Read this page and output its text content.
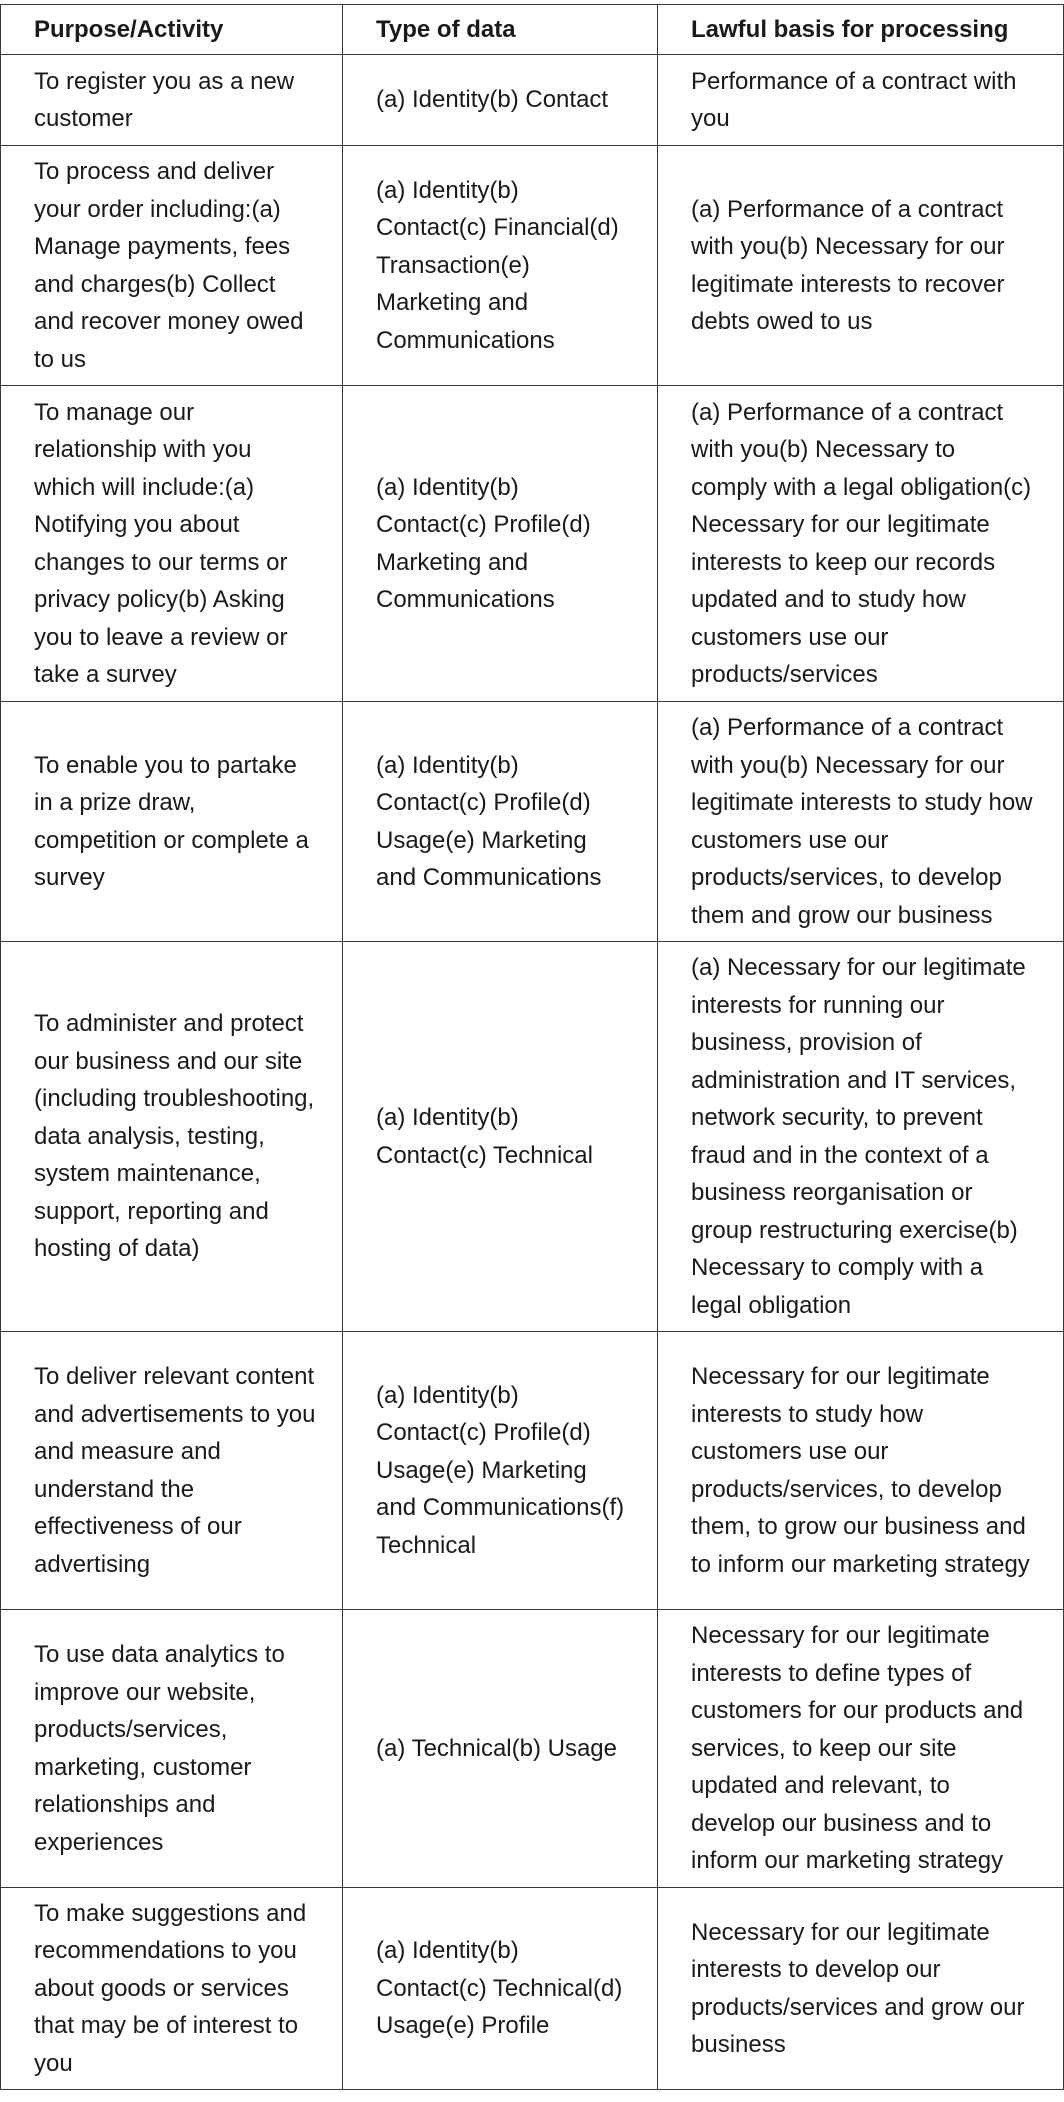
Purpose/Activity	Type of data	Lawful basis for processing
To register you as a new customer	(a) Identity(b) Contact	Performance of a contract with you
To process and deliver your order including:(a) Manage payments, fees and charges(b) Collect and recover money owed to us	(a) Identity(b) Contact(c) Financial(d) Transaction(e) Marketing and Communications	(a) Performance of a contract with you(b) Necessary for our legitimate interests to recover debts owed to us
To manage our relationship with you which will include:(a) Notifying you about changes to our terms or privacy policy(b) Asking you to leave a review or take a survey	(a) Identity(b) Contact(c) Profile(d) Marketing and Communications	(a) Performance of a contract with you(b) Necessary to comply with a legal obligation(c) Necessary for our legitimate interests to keep our records updated and to study how customers use our products/services
To enable you to partake in a prize draw, competition or complete a survey	(a) Identity(b) Contact(c) Profile(d) Usage(e) Marketing and Communications	(a) Performance of a contract with you(b) Necessary for our legitimate interests to study how customers use our products/services, to develop them and grow our business
To administer and protect our business and our site (including troubleshooting, data analysis, testing, system maintenance, support, reporting and hosting of data)	(a) Identity(b) Contact(c) Technical	(a) Necessary for our legitimate interests for running our business, provision of administration and IT services, network security, to prevent fraud and in the context of a business reorganisation or group restructuring exercise(b) Necessary to comply with a legal obligation
To deliver relevant content and advertisements to you and measure and understand the effectiveness of our advertising	(a) Identity(b) Contact(c) Profile(d) Usage(e) Marketing and Communications(f) Technical	Necessary for our legitimate interests to study how customers use our products/services, to develop them, to grow our business and to inform our marketing strategy
To use data analytics to improve our website, products/services, marketing, customer relationships and experiences	(a) Technical(b) Usage	Necessary for our legitimate interests to define types of customers for our products and services, to keep our site updated and relevant, to develop our business and to inform our marketing strategy
To make suggestions and recommendations to you about goods or services that may be of interest to you	(a) Identity(b) Contact(c) Technical(d) Usage(e) Profile	Necessary for our legitimate interests to develop our products/services and grow our business
